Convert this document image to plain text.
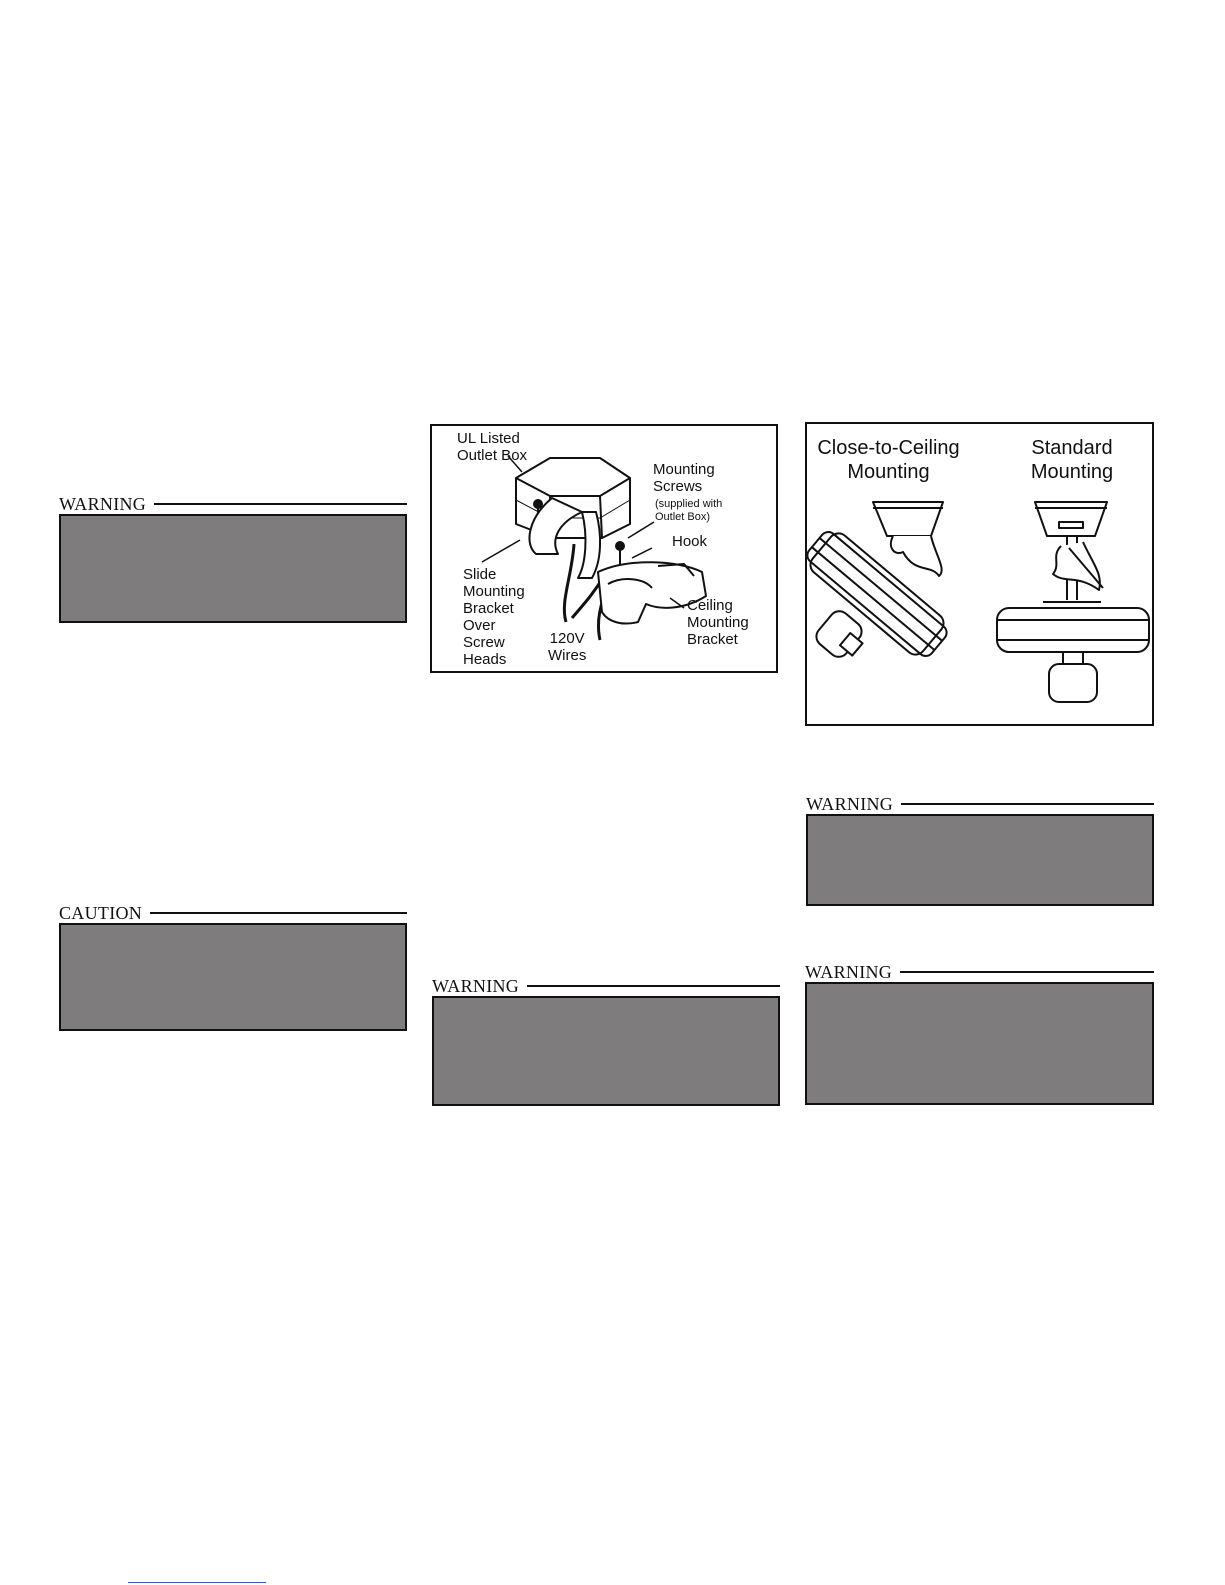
WARNING
CAUTION
UL Listed
Outlet Box
Mounting
Screws
(supplied with
Outlet Box)
Hook
Slide
Mounting
Bracket
Over
Screw
Heads
120V
Wires
Ceiling
Mounting
Bracket
WARNING
Close-to-Ceiling
Mounting
Standard
Mounting
WARNING
WARNING
